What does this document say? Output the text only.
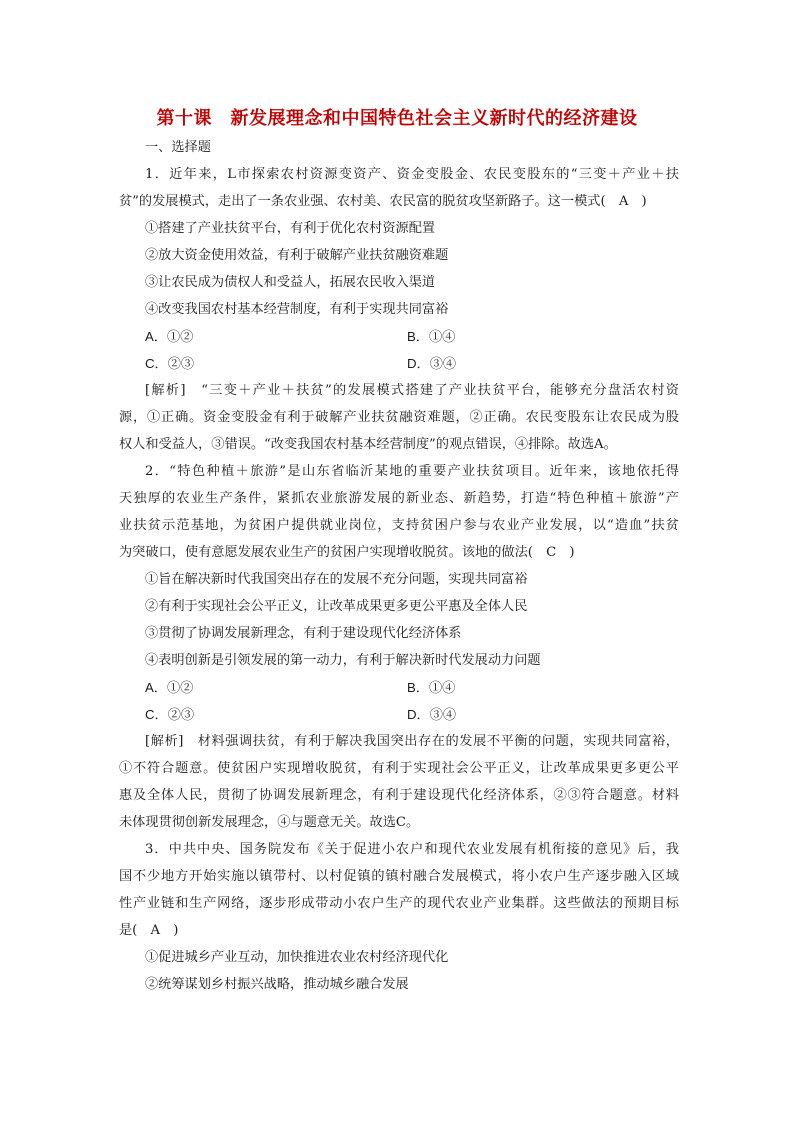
第十课　新发展理念和中国特色社会主义新时代的经济建设
一、选择题
1．近年来，L市探索农村资源变资产、资金变股金、农民变股东的“三变＋产业＋扶
贫”的发展模式，走出了一条农业强、农村美、农民富的脱贫攻坚新路子。这一模式(　A　)
①搭建了产业扶贫平台，有利于优化农村资源配置
②放大资金使用效益，有利于破解产业扶贫融资难题
③让农民成为债权人和受益人，拓展农民收入渠道
④改变我国农村基本经营制度，有利于实现共同富裕
A．①②	B．①④
C．②③	D．③④
[解析]　“三变＋产业＋扶贫”的发展模式搭建了产业扶贫平台，能够充分盘活农村资
源，①正确。资金变股金有利于破解产业扶贫融资难题，②正确。农民变股东让农民成为股
权人和受益人，③错误。“改变我国农村基本经营制度”的观点错误，④排除。故选A。
2．“特色种植＋旅游”是山东省临沂某地的重要产业扶贫项目。近年来，该地依托得
天独厚的农业生产条件，紧抓农业旅游发展的新业态、新趋势，打造“特色种植＋旅游”产
业扶贫示范基地，为贫困户提供就业岗位，支持贫困户参与农业产业发展，以“造血”扶贫
为突破口，使有意愿发展农业生产的贫困户实现增收脱贫。该地的做法(　C　)
①旨在解决新时代我国突出存在的发展不充分问题，实现共同富裕
②有利于实现社会公平正义，让改革成果更多更公平惠及全体人民
③贯彻了协调发展新理念，有利于建设现代化经济体系
④表明创新是引领发展的第一动力，有利于解决新时代发展动力问题
A．①②	B．①④
C．②③	D．③④
[解析]　材料强调扶贫，有利于解决我国突出存在的发展不平衡的问题，实现共同富裕，
①不符合题意。使贫困户实现增收脱贫，有利于实现社会公平正义，让改革成果更多更公平
惠及全体人民，贯彻了协调发展新理念，有利于建设现代化经济体系，②③符合题意。材料
未体现贯彻创新发展理念，④与题意无关。故选C。
3．中共中央、国务院发布《关于促进小农户和现代农业发展有机衔接的意见》后，我
国不少地方开始实施以镇带村、以村促镇的镇村融合发展模式，将小农户生产逐步融入区域
性产业链和生产网络，逐步形成带动小农户生产的现代农业产业集群。这些做法的预期目标
是(　A　)
①促进城乡产业互动，加快推进农业农村经济现代化
②统筹谋划乡村振兴战略，推动城乡融合发展
